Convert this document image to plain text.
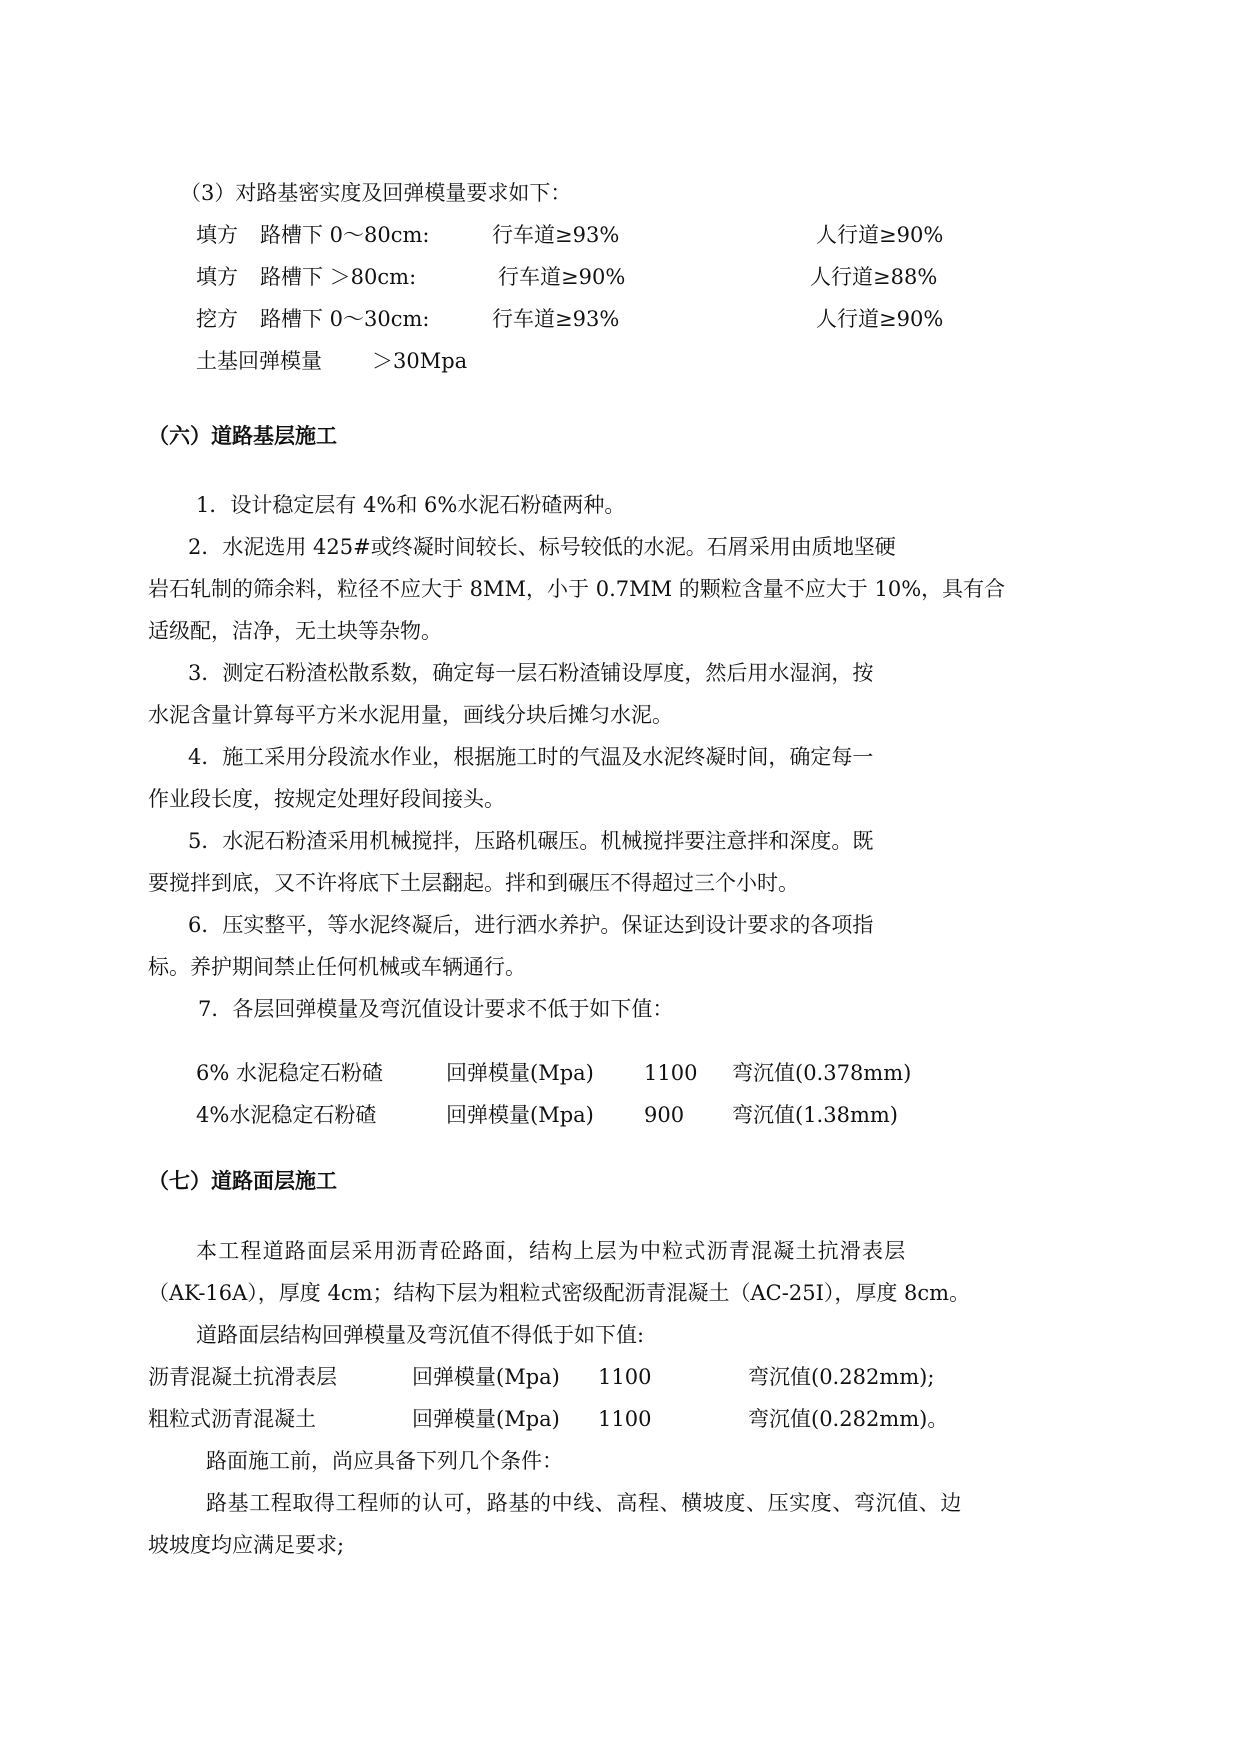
（3）对路基密实度及回弹模量要求如下：
填方 路槽下 0～80cm:	行车道≥93%	人行道≥90%
填方 路槽下 ＞80cm:	行车道≥90%	人行道≥88%
挖方 路槽下 0～30cm:	行车道≥93%	人行道≥90%
土基回弹模量 ＞30Mpa
（六）道路基层施工
1．设计稳定层有 4%和 6%水泥石粉碴两种。
2．水泥选用 425#或终凝时间较长、标号较低的水泥。石屑采用由质地坚硬
岩石轧制的筛余料，粒径不应大于 8MM，小于 0.7MM 的颗粒含量不应大于 10%，具有合
适级配，洁净，无土块等杂物。
3．测定石粉渣松散系数，确定每一层石粉渣铺设厚度，然后用水湿润，按
水泥含量计算每平方米水泥用量，画线分块后摊匀水泥。
4．施工采用分段流水作业，根据施工时的气温及水泥终凝时间，确定每一
作业段长度，按规定处理好段间接头。
5．水泥石粉渣采用机械搅拌，压路机碾压。机械搅拌要注意拌和深度。既
要搅拌到底，又不许将底下土层翻起。拌和到碾压不得超过三个小时。
6．压实整平，等水泥终凝后，进行洒水养护。保证达到设计要求的各项指
标。养护期间禁止任何机械或车辆通行。
7．各层回弹模量及弯沉值设计要求不低于如下值：
6% 水泥稳定石粉碴	回弹模量(Mpa) 1100 弯沉值(0.378mm)
4%水泥稳定石粉碴	回弹模量(Mpa) 900 弯沉值(1.38mm)
（七）道路面层施工
本工程道路面层采用沥青砼路面，结构上层为中粒式沥青混凝土抗滑表层
（AK-16A），厚度 4cm；结构下层为粗粒式密级配沥青混凝土（AC-25I），厚度 8cm。
道路面层结构回弹模量及弯沉值不得低于如下值:
沥青混凝土抗滑表层	回弹模量(Mpa) 1100	弯沉值(0.282mm);
粗粒式沥青混凝土	回弹模量(Mpa) 1100	弯沉值(0.282mm)。
路面施工前，尚应具备下列几个条件：
路基工程取得工程师的认可，路基的中线、高程、横坡度、压实度、弯沉值、边
坡坡度均应满足要求;
